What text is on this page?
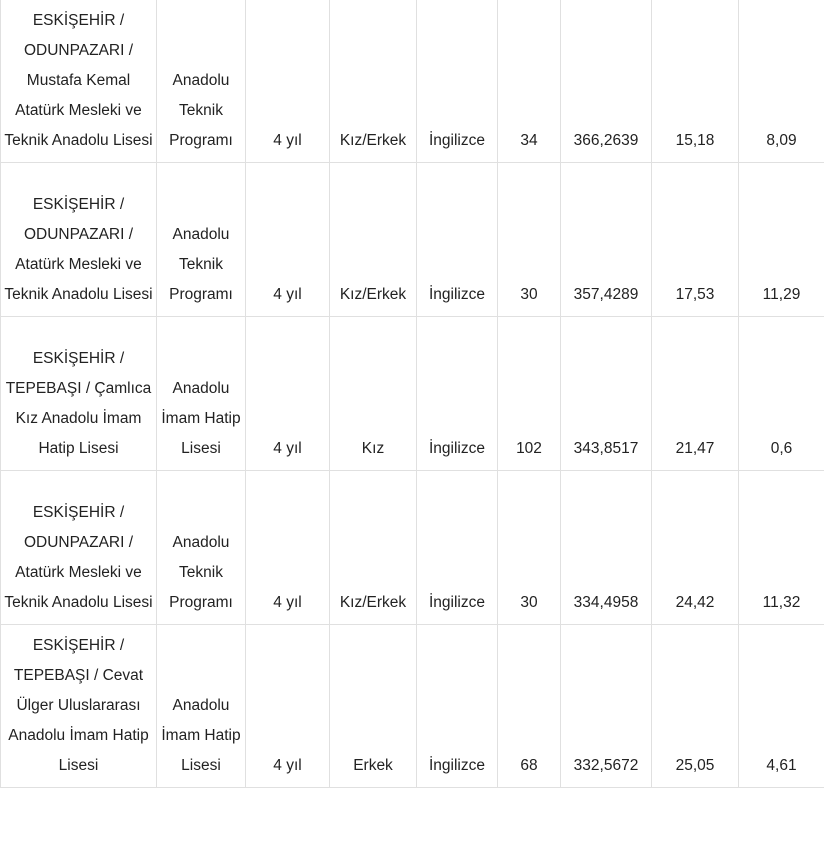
ESKİŞEHİR / ODUNPAZARI / Mustafa Kemal Atatürk Mesleki ve Teknik Anadolu Lisesi	Anadolu Teknik Programı	4 yıl	Kız/Erkek	İngilizce	34	366,2639	15,18	8,09
ESKİŞEHİR / ODUNPAZARI / Atatürk Mesleki ve Teknik Anadolu Lisesi	Anadolu Teknik Programı	4 yıl	Kız/Erkek	İngilizce	30	357,4289	17,53	11,29
ESKİŞEHİR / TEPEBAŞI / Çamlıca Kız Anadolu İmam Hatip Lisesi	Anadolu İmam Hatip Lisesi	4 yıl	Kız	İngilizce	102	343,8517	21,47	0,6
ESKİŞEHİR / ODUNPAZARI / Atatürk Mesleki ve Teknik Anadolu Lisesi	Anadolu Teknik Programı	4 yıl	Kız/Erkek	İngilizce	30	334,4958	24,42	11,32
ESKİŞEHİR / TEPEBAŞI / Cevat Ülger Uluslararası Anadolu İmam Hatip Lisesi	Anadolu İmam Hatip Lisesi	4 yıl	Erkek	İngilizce	68	332,5672	25,05	4,61
